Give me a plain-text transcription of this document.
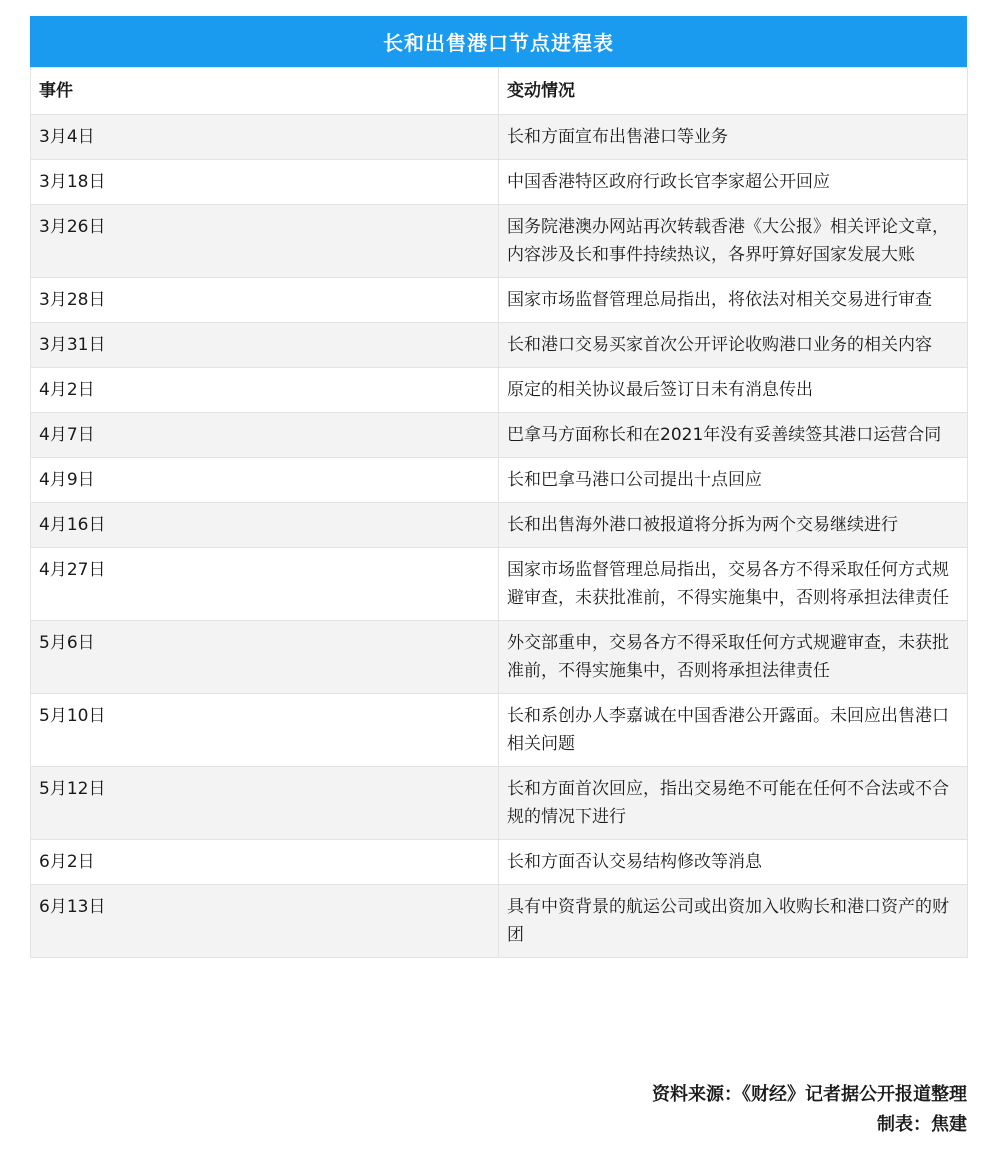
长和出售港口节点进程表
事件	变动情况
3月4日	长和方面宣布出售港口等业务
3月18日	中国香港特区政府行政长官李家超公开回应
3月26日	国务院港澳办网站再次转载香港《大公报》相关评论文章，内容涉及长和事件持续热议，各界吁算好国家发展大账
3月28日	国家市场监督管理总局指出，将依法对相关交易进行审查
3月31日	长和港口交易买家首次公开评论收购港口业务的相关内容
4月2日	原定的相关协议最后签订日未有消息传出
4月7日	巴拿马方面称长和在2021年没有妥善续签其港口运营合同
4月9日	长和巴拿马港口公司提出十点回应
4月16日	长和出售海外港口被报道将分拆为两个交易继续进行
4月27日	国家市场监督管理总局指出，交易各方不得采取任何方式规避审查，未获批准前，不得实施集中，否则将承担法律责任
5月6日	外交部重申，交易各方不得采取任何方式规避审查，未获批准前，不得实施集中，否则将承担法律责任
5月10日	长和系创办人李嘉诚在中国香港公开露面。未回应出售港口相关问题
5月12日	长和方面首次回应，指出交易绝不可能在任何不合法或不合规的情况下进行
6月2日	长和方面否认交易结构修改等消息
6月13日	具有中资背景的航运公司或出资加入收购长和港口资产的财团
资料来源：《财经》记者据公开报道整理
制表：焦建
